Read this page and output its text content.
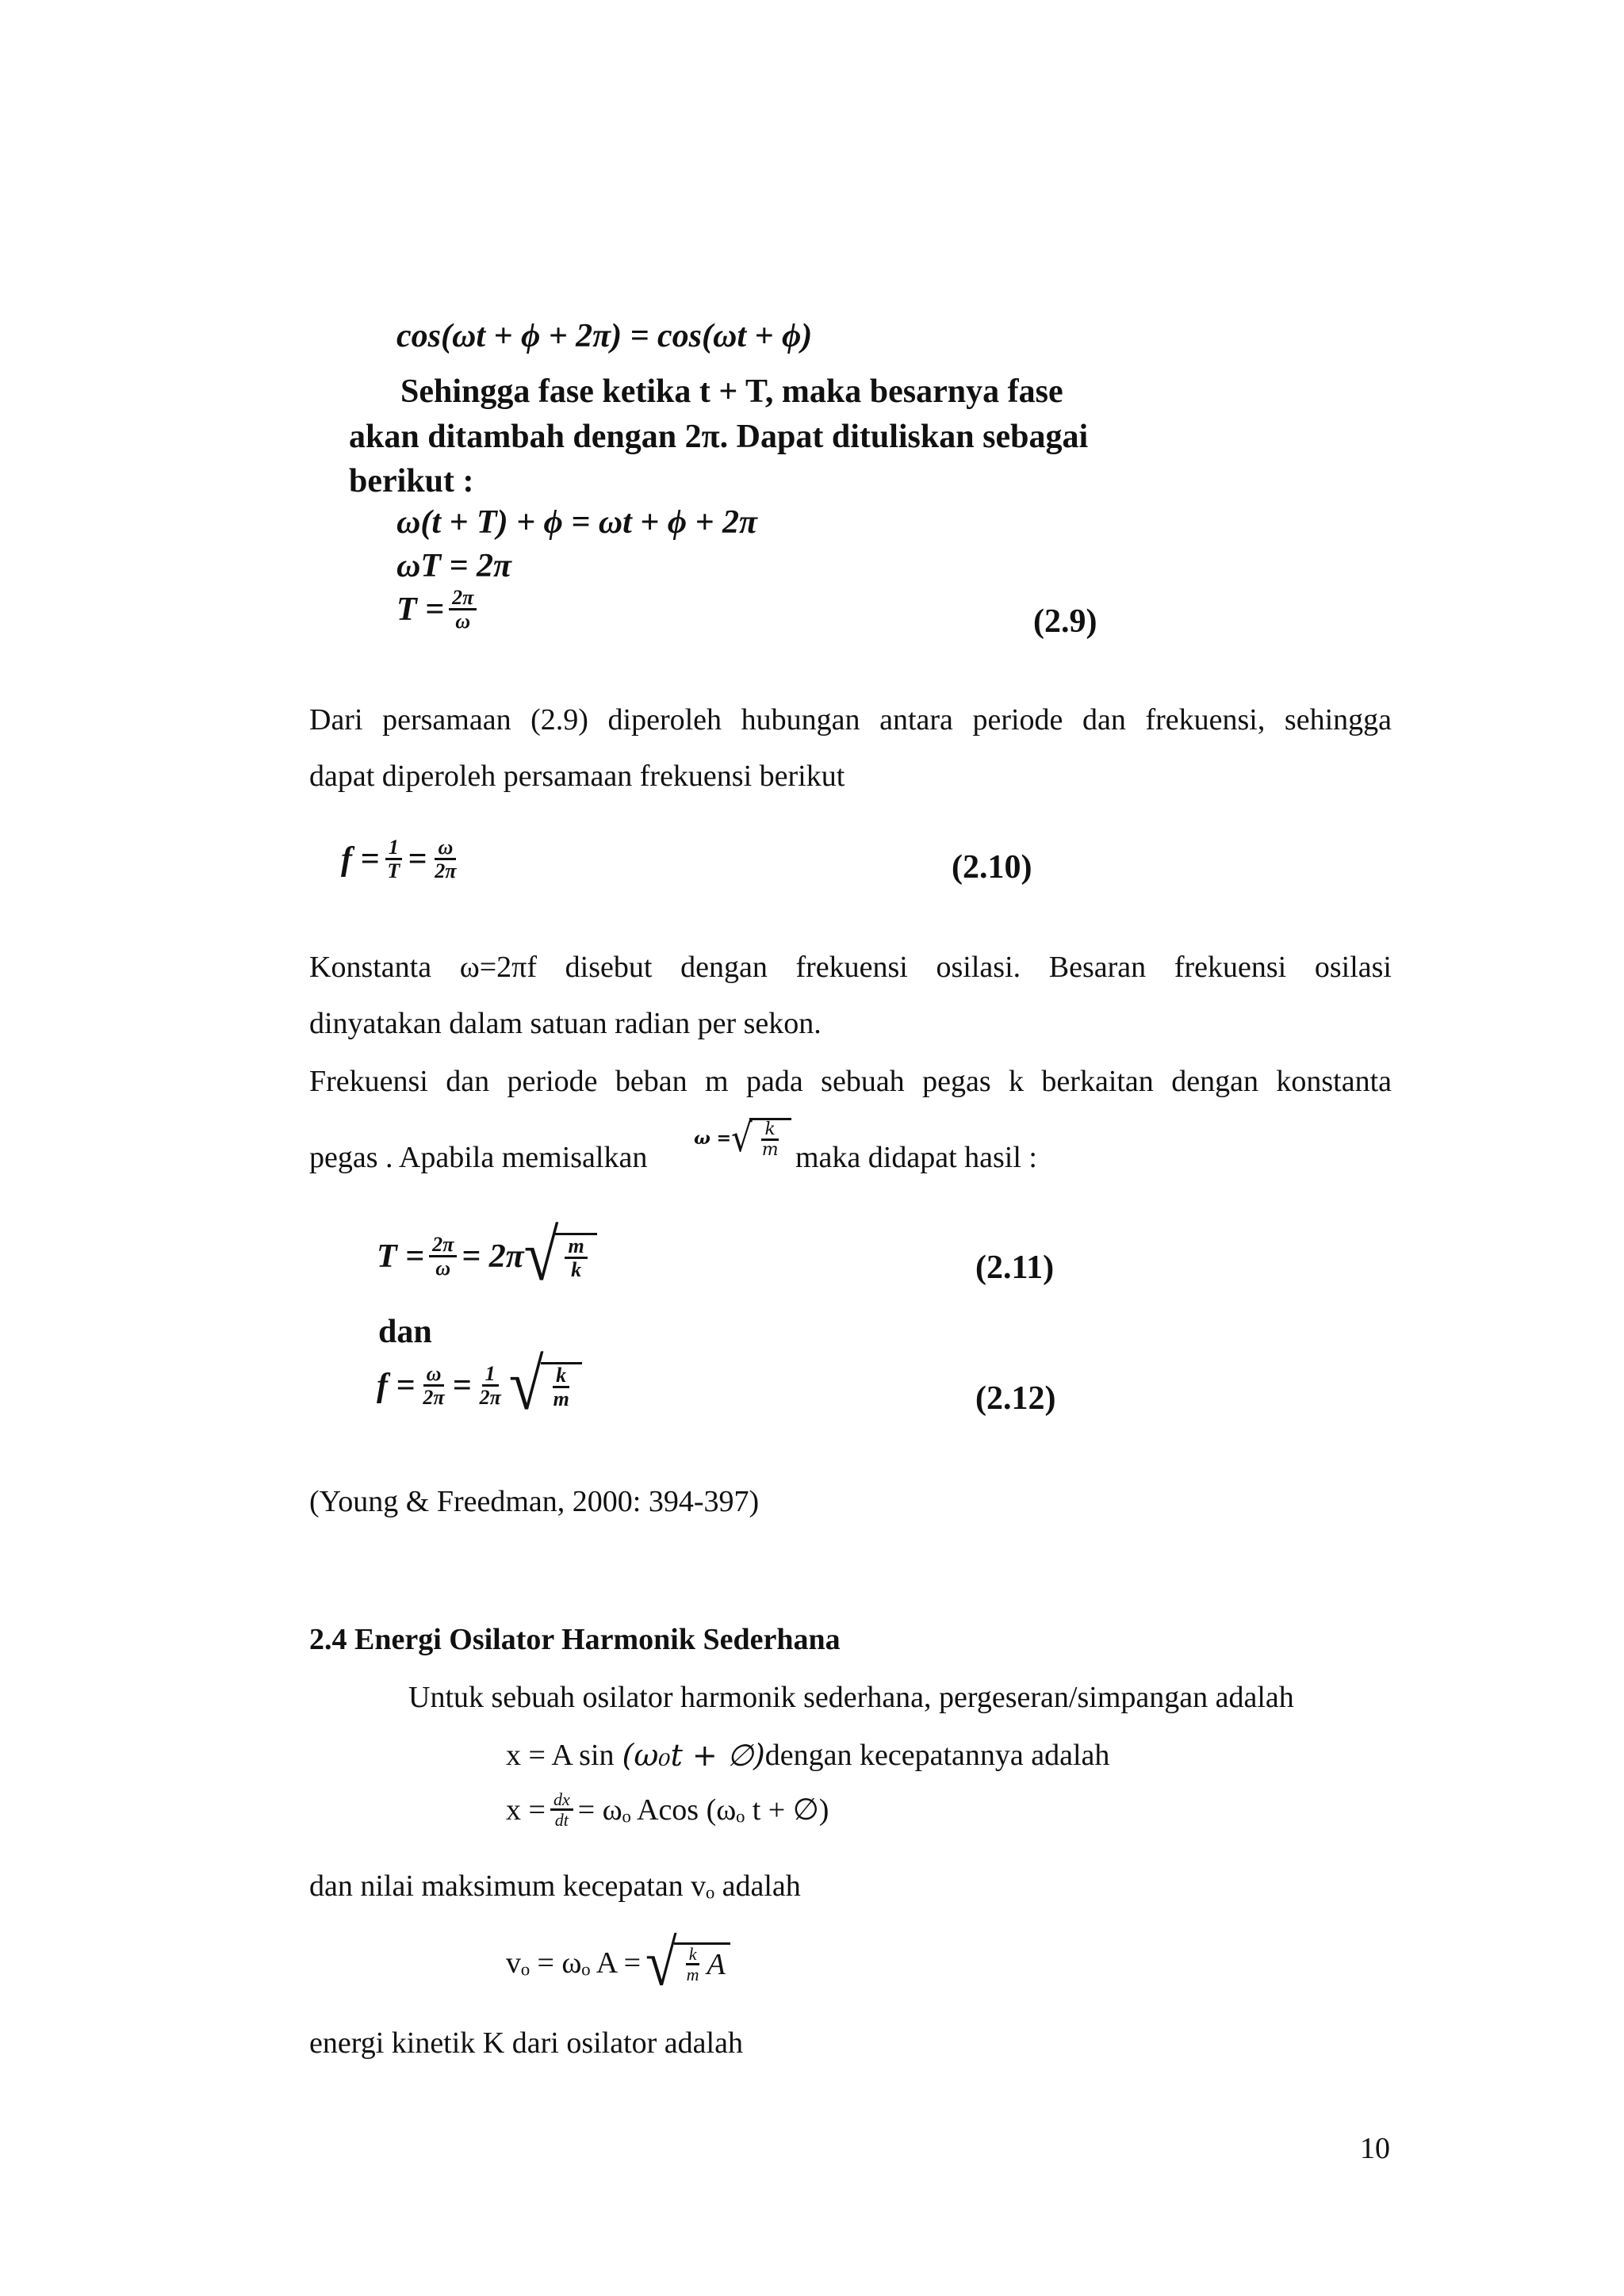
cos(ωt + ϕ + 2π) = cos(ωt + ϕ)
Sehingga fase ketika t + T, maka besarnya fase
akan ditambah dengan 2π. Dapat dituliskan sebagai
berikut :
ω(t + T) + ϕ = ωt + ϕ + 2π
ωT = 2π
$T = \frac{2\pi}{\omega}$	(2.9)
Dari persamaan (2.9) diperoleh hubungan antara periode dan frekuensi, sehingga
dapat diperoleh persamaan frekuensi berikut
$f = \frac{1}{T} = \frac{\omega}{2\pi}$	(2.10)
Konstanta ω=2πf disebut dengan frekuensi osilasi. Besaran frekuensi osilasi
dinyatakan dalam satuan radian per sekon.
Frekuensi dan periode beban m pada sebuah pegas k berkaitan dengan konstanta
pegas . Apabila memisalkan
ω = √ $\frac{k}{m}$ maka didapat hasil :
$T = \frac{2\pi}{\omega} = 2\pi$ √ $\frac{m}{k}$	(2.11)
dan
$f = \frac{\omega}{2\pi} = \frac{1}{2\pi}$ √ $\frac{k}{m}$	(2.12)
(Young & Freedman, 2000: 394-397)
2.4 Energi Osilator Harmonik Sederhana
Untuk sebuah osilator harmonik sederhana, pergeseran/simpangan adalah
x = A sin (ω₀t + ∅) dengan kecepatannya adalah
$x = \frac{dx}{dt} = \omega_o$ Acos (ωₒ t + ∅)
dan nilai maksimum kecepatan vₒ adalah
vₒ = ωₒ A = √ $\frac{k}{m}$ A
energi kinetik K dari osilator adalah
10
